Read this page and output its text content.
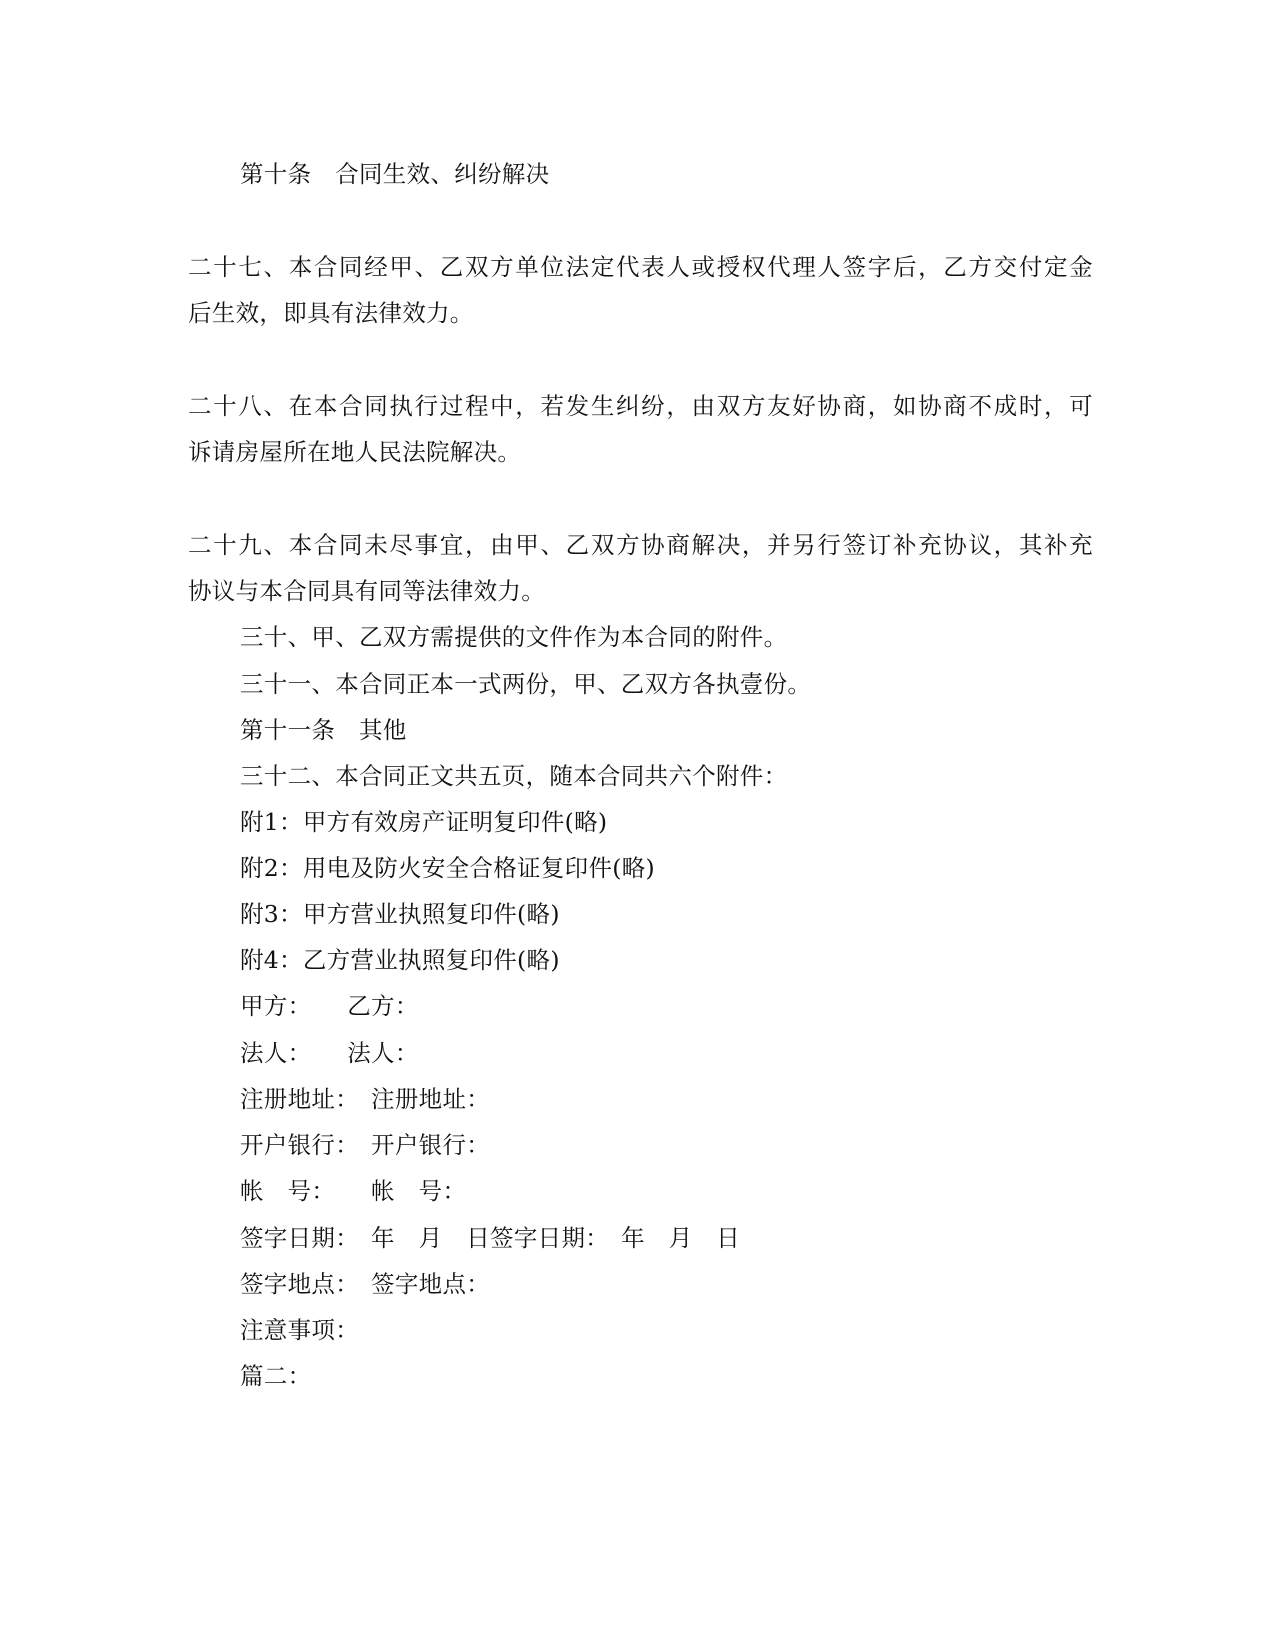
第十条　合同生效、纠纷解决
二十七、本合同经甲、乙双方单位法定代表人或授权代理人签字后，乙方交付定金
后生效，即具有法律效力。
二十八、在本合同执行过程中，若发生纠纷，由双方友好协商，如协商不成时，可
诉请房屋所在地人民法院解决。
二十九、本合同未尽事宜，由甲、乙双方协商解决，并另行签订补充协议，其补充
协议与本合同具有同等法律效力。
三十、甲、乙双方需提供的文件作为本合同的附件。
三十一、本合同正本一式两份，甲、乙双方各执壹份。
第十一条　其他
三十二、本合同正文共五页，随本合同共六个附件：
附1：甲方有效房产证明复印件(略)
附2：用电及防火安全合格证复印件(略)
附3：甲方营业执照复印件(略)
附4：乙方营业执照复印件(略)
甲方：　　乙方：
法人：　　法人：
注册地址：　注册地址：
开户银行：　开户银行：
帐　号：　　帐　号：
签字日期：　年　月　日签字日期：　年　月　日
签字地点：　签字地点：
注意事项：
篇二：
